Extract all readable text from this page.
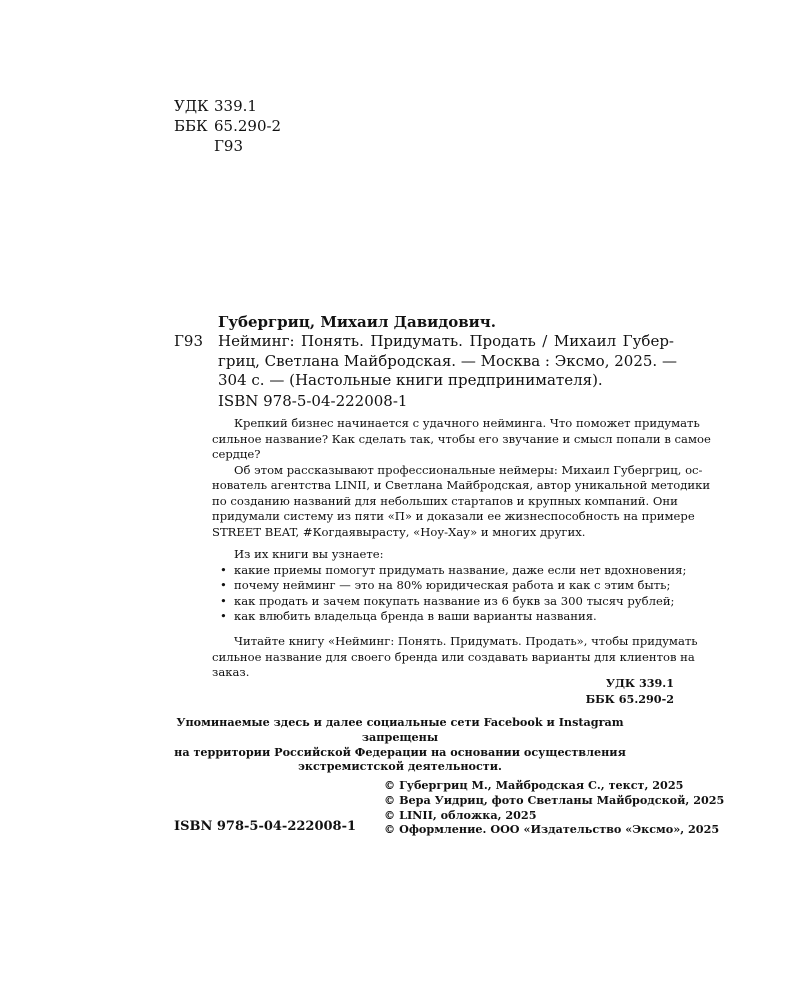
УДК 339.1
ББК 65.290-2
Г93
Губергриц, Михаил Давидович.
Г93 Нейминг: Понять. Придумать. Продать / Михаил Губер-
гриц, Светлана Майбродская. — Москва : Эксмо, 2025. —
304 с. — (Настольные книги предпринимателя).
ISBN 978-5-04-222008-1
Крепкий бизнес начинается с удачного нейминга. Что поможет придумать
сильное название? Как сделать так, чтобы его звучание и смысл попали в самое
сердце?
Об этом рассказывают профессиональные неймеры: Михаил Губергриц, ос-
нователь агентства LINII, и Светлана Майбродская, автор уникальной методики
по созданию названий для небольших стартапов и крупных компаний. Они
придумали систему из пяти «П» и доказали ее жизнеспособность на примере
STREET BEAT, #Когдаявырасту, «Ноу-Хау» и многих других.
Из их книги вы узнаете:
• какие приемы помогут придумать название, даже если нет вдохновения;
• почему нейминг — это на 80% юридическая работа и как с этим быть;
• как продать и зачем покупать название из 6 букв за 300 тысяч рублей;
• как влюбить владельца бренда в ваши варианты названия.
Читайте книгу «Нейминг: Понять. Придумать. Продать», чтобы придумать
сильное название для своего бренда или создавать варианты для клиентов на
заказ.
УДК 339.1
ББК 65.290-2
Упоминаемые здесь и далее социальные сети Facebook и Instagram запрещены
на территории Российской Федерации на основании осуществления
экстремистской деятельности.
© Губергриц М., Майбродская С., текст, 2025
© Вера Уидриц, фото Светланы Майбродской, 2025
© LINII, обложка, 2025
© Оформление. ООО «Издательство «Эксмо», 2025
ISBN 978-5-04-222008-1
